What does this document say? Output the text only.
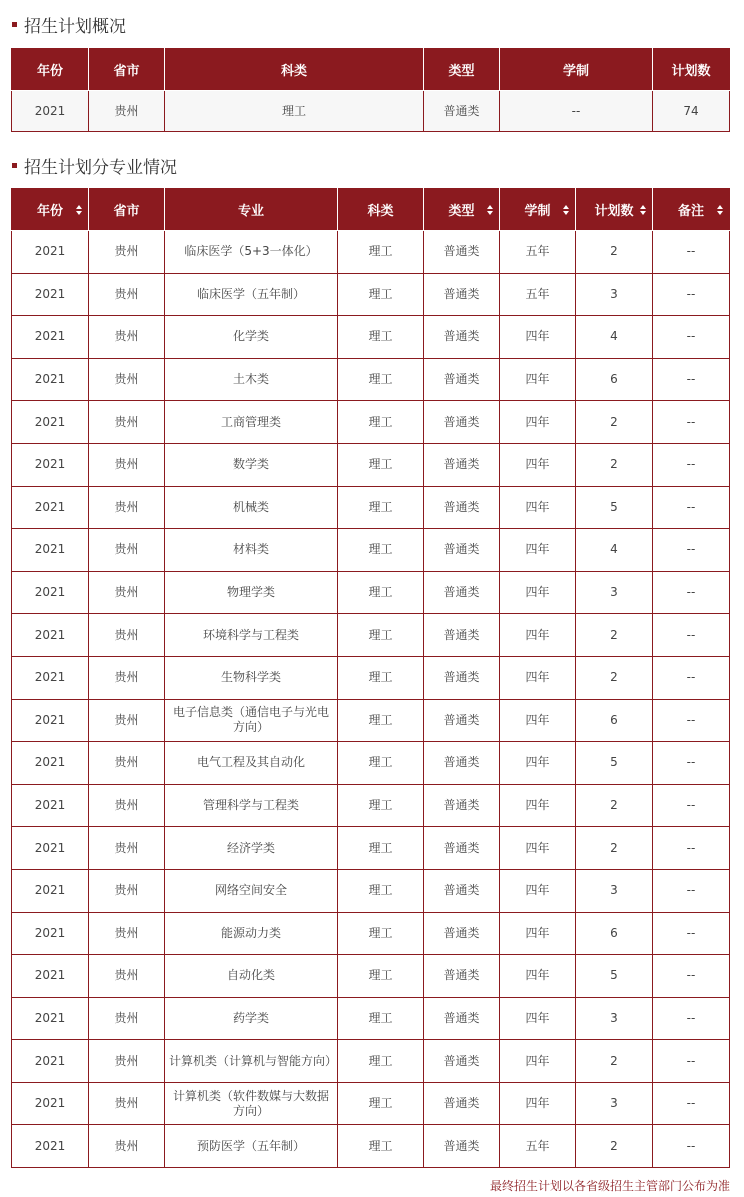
招生计划概况
年份	省市	科类	类型	学制	计划数
2021	贵州	理工	普通类	--	74
招生计划分专业情况
年份	省市	专业	科类	类型	学制	计划数	备注

2021	贵州	临床医学（5+3一体化）	理工	普通类	五年	2	--
2021	贵州	临床医学（五年制）	理工	普通类	五年	3	--
2021	贵州	化学类	理工	普通类	四年	4	--
2021	贵州	土木类	理工	普通类	四年	6	--
2021	贵州	工商管理类	理工	普通类	四年	2	--
2021	贵州	数学类	理工	普通类	四年	2	--
2021	贵州	机械类	理工	普通类	四年	5	--
2021	贵州	材料类	理工	普通类	四年	4	--
2021	贵州	物理学类	理工	普通类	四年	3	--
2021	贵州	环境科学与工程类	理工	普通类	四年	2	--
2021	贵州	生物科学类	理工	普通类	四年	2	--
2021	贵州	电子信息类（通信电子与光电方向）	理工	普通类	四年	6	--
2021	贵州	电气工程及其自动化	理工	普通类	四年	5	--
2021	贵州	管理科学与工程类	理工	普通类	四年	2	--
2021	贵州	经济学类	理工	普通类	四年	2	--
2021	贵州	网络空间安全	理工	普通类	四年	3	--
2021	贵州	能源动力类	理工	普通类	四年	6	--
2021	贵州	自动化类	理工	普通类	四年	5	--
2021	贵州	药学类	理工	普通类	四年	3	--
2021	贵州	计算机类（计算机与智能方向）	理工	普通类	四年	2	--
2021	贵州	计算机类（软件数媒与大数据方向）	理工	普通类	四年	3	--
2021	贵州	预防医学（五年制）	理工	普通类	五年	2	--
最终招生计划以各省级招生主管部门公布为准
